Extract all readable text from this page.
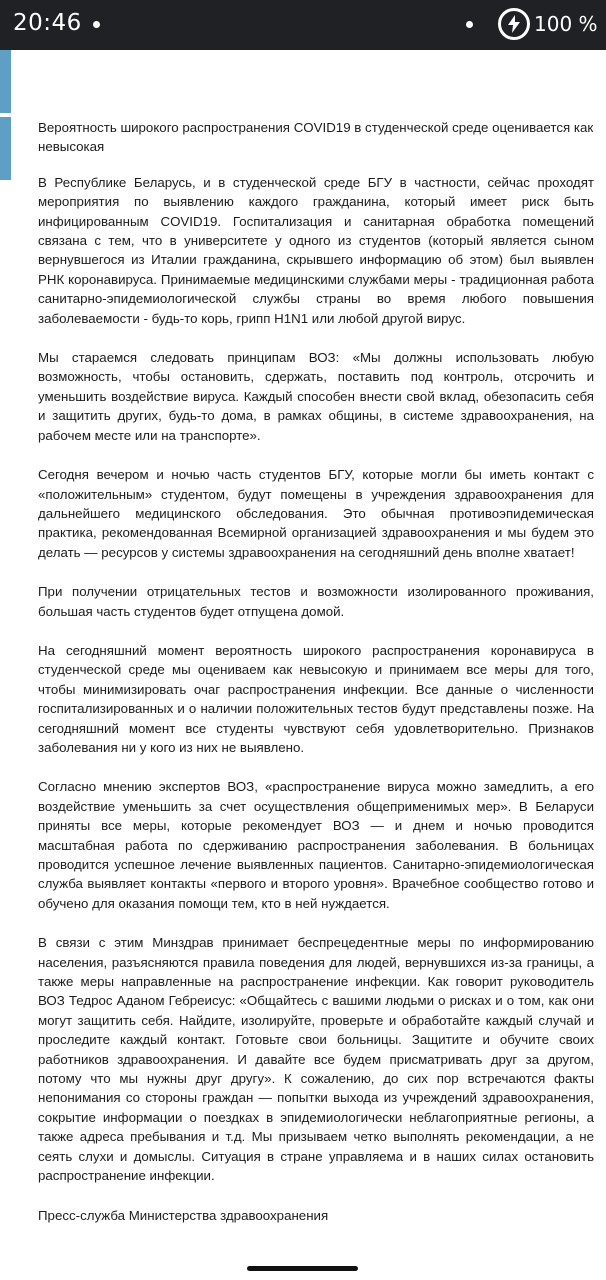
20:46	100 %

Вероятность широкого распространения COVID19 в студенческой среде оценивается как невысокая

В Республике Беларусь, и в студенческой среде БГУ в частности, сейчас проходят мероприятия по выявлению каждого гражданина, который имеет риск быть инфицированным COVID19. Госпитализация и санитарная обработка помещений связана с тем, что в университете у одного из студентов (который является сыном вернувшегося из Италии гражданина, скрывшего информацию об этом) был выявлен РНК коронавируса. Принимаемые медицинскими службами меры - традиционная работа санитарно-эпидемиологической службы страны во время любого повышения заболеваемости - будь-то корь, грипп H1N1 или любой другой вирус.

Мы стараемся следовать принципам ВОЗ: «Мы должны использовать любую возможность, чтобы остановить, сдержать, поставить под контроль, отсрочить и уменьшить воздействие вируса. Каждый способен внести свой вклад, обезопасить себя и защитить других, будь-то дома, в рамках общины, в системе здравоохранения, на рабочем месте или на транспорте».

Сегодня вечером и ночью часть студентов БГУ, которые могли бы иметь контакт с «положительным» студентом, будут помещены в учреждения здравоохранения для дальнейшего медицинского обследования. Это обычная противоэпидемическая практика, рекомендованная Всемирной организацией здравоохранения и мы будем это делать — ресурсов у системы здравоохранения на сегодняшний день вполне хватает!

При получении отрицательных тестов и возможности изолированного проживания, большая часть студентов будет отпущена домой.

На сегодняшний момент вероятность широкого распространения коронавируса в студенческой среде мы оцениваем как невысокую и принимаем все меры для того, чтобы минимизировать очаг распространения инфекции. Все данные о численности госпитализированных и о наличии положительных тестов будут представлены позже. На сегодняшний момент все студенты чувствуют себя удовлетворительно. Признаков заболевания ни у кого из них не выявлено.

Согласно мнению экспертов ВОЗ, «распространение вируса можно замедлить, а его воздействие уменьшить за счет осуществления общеприменимых мер». В Беларуси приняты все меры, которые рекомендует ВОЗ — и днем и ночью проводится масштабная работа по сдерживанию распространения заболевания. В больницах проводится успешное лечение выявленных пациентов. Санитарно-эпидемиологическая служба выявляет контакты «первого и второго уровня». Врачебное сообщество готово и обучено для оказания помощи тем, кто в ней нуждается.

В связи с этим Минздрав принимает беспрецедентные меры по информированию населения, разъясняются правила поведения для людей, вернувшихся из-за границы, а также меры направленные на распространение инфекции. Как говорит руководитель ВОЗ Тедрос Аданом Гебреисус: «Общайтесь с вашими людьми о рисках и о том, как они могут защитить себя. Найдите, изолируйте, проверьте и обработайте каждый случай и проследите каждый контакт. Готовьте свои больницы. Защитите и обучите своих работников здравоохранения. И давайте все будем присматривать друг за другом, потому что мы нужны друг другу». К сожалению, до сих пор встречаются факты непонимания со стороны граждан — попытки выхода из учреждений здравоохранения, сокрытие информации о поездках в эпидемиологически неблагоприятные регионы, а также адреса пребывания и т.д. Мы призываем четко выполнять рекомендации, а не сеять слухи и домыслы. Ситуация в стране управляема и в наших силах остановить распространение инфекции.

Пресс-служба Министерства здравоохранения
